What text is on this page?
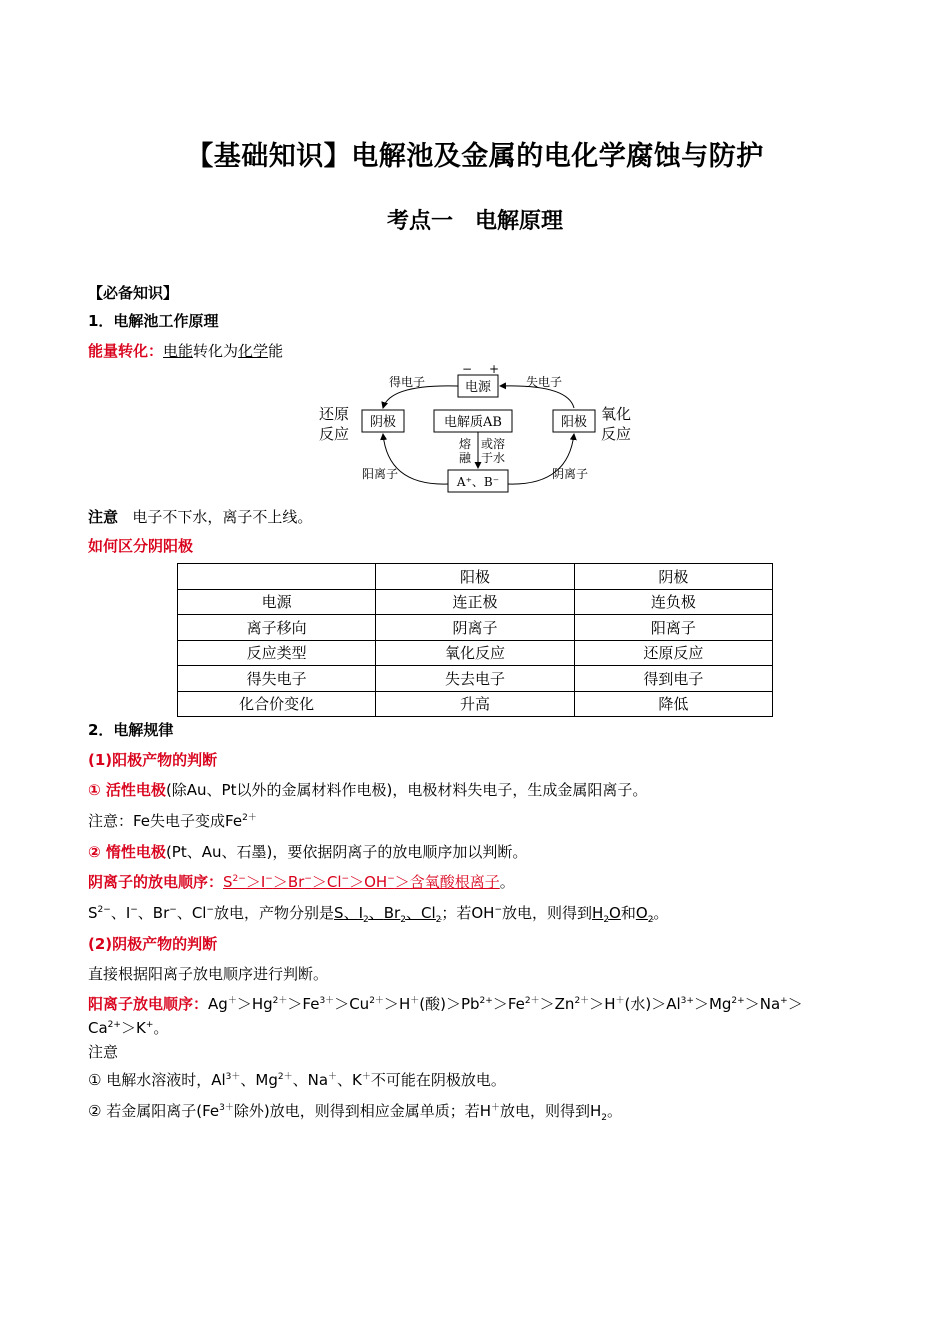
【基础知识】电解池及金属的电化学腐蚀与防护
考点一　电解原理
【必备知识】
1．电解池工作原理
能量转化：电能转化为化学能
电源
− +
阴极	阳极
电解质AB
A⁺、B⁻
熔
融
或溶
于水
得电子	失电子
还原
反应
氧化
反应
阳离子	阴离子
注意 电子不下水，离子不上线。
如何区分阴阳极
	阳极	阴极
电源	连正极	连负极
离子移向	阴离子	阳离子
反应类型	氧化反应	还原反应
得失电子	失去电子	得到电子
化合价变化	升高	降低
2．电解规律
(1)阳极产物的判断
① 活性电极(除Au、Pt以外的金属材料作电极)，电极材料失电子，生成金属阳离子。
注意：Fe失电子变成$Fe^{2+}$
② 惰性电极(Pt、Au、石墨)，要依据阴离子的放电顺序加以判断。
阴离子的放电顺序：$S^{2-}>I^->Br^->Cl^->OH^->$含氧酸根离子。
$S^{2-}$、I−、Br−、Cl−放电，产物分别是S、$I_2$、$Br_2$、$Cl_2$；若OH−放电，则得到$H_2O$和$O_2$。
(2)阴极产物的判断
直接根据阳离子放电顺序进行判断。
阳离子放电顺序：$Ag^+>Hg^{2+}>Fe^{3+}>Cu^{2+}>H^+$(酸)$>Pb^{2+}>Fe^{2+}>Zn^{2+}>H^+$(水)$>Al^{3+}>Mg^{2+}>Na^+>$
$Ca^{2+}>K^+$。
注意
① 电解水溶液时，$Al^{3+}$、$Mg^{2+}$、Na＋、K＋不可能在阴极放电。
② 若金属阳离子($Fe^{3+}$除外)放电，则得到相应金属单质；若H＋放电，则得到$H_2$。
